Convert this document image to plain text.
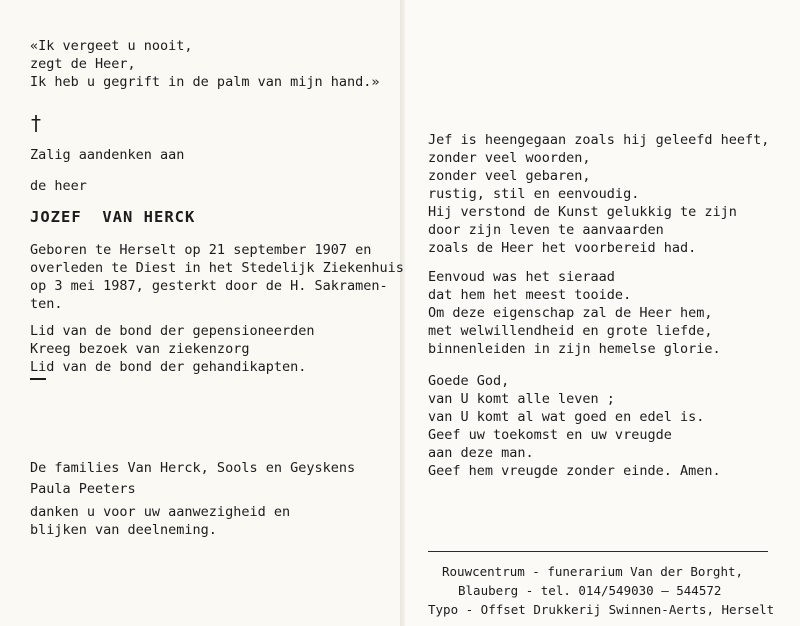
«Ik vergeet u nooit,
zegt de Heer,
Ik heb u gegrift in de palm van mijn hand.»
†
Zalig aandenken aan
de heer
JOZEF  VAN HERCK
Geboren te Herselt op 21 september 1907 en
overleden te Diest in het Stedelijk Ziekenhuis
op 3 mei 1987, gesterkt door de H. Sakramen-
ten.
Lid van de bond der gepensioneerden
Kreeg bezoek van ziekenzorg
Lid van de bond der gehandikapten.
De families Van Herck, Sools en Geyskens
Paula Peeters
danken u voor uw aanwezigheid en
blijken van deelneming.
Jef is heengegaan zoals hij geleefd heeft,
zonder veel woorden,
zonder veel gebaren,
rustig, stil en eenvoudig.
Hij verstond de Kunst gelukkig te zijn
door zijn leven te aanvaarden
zoals de Heer het voorbereid had.
Eenvoud was het sieraad
dat hem het meest tooide.
Om deze eigenschap zal de Heer hem,
met welwillendheid en grote liefde,
binnenleiden in zijn hemelse glorie.
Goede God,
van U komt alle leven ;
van U komt al wat goed en edel is.
Geef uw toekomst en uw vreugde
aan deze man.
Geef hem vreugde zonder einde. Amen.
Rouwcentrum - funerarium Van der Borght,
Blauberg - tel. 014/549030 — 544572
Typo - Offset Drukkerij Swinnen-Aerts, Herselt
